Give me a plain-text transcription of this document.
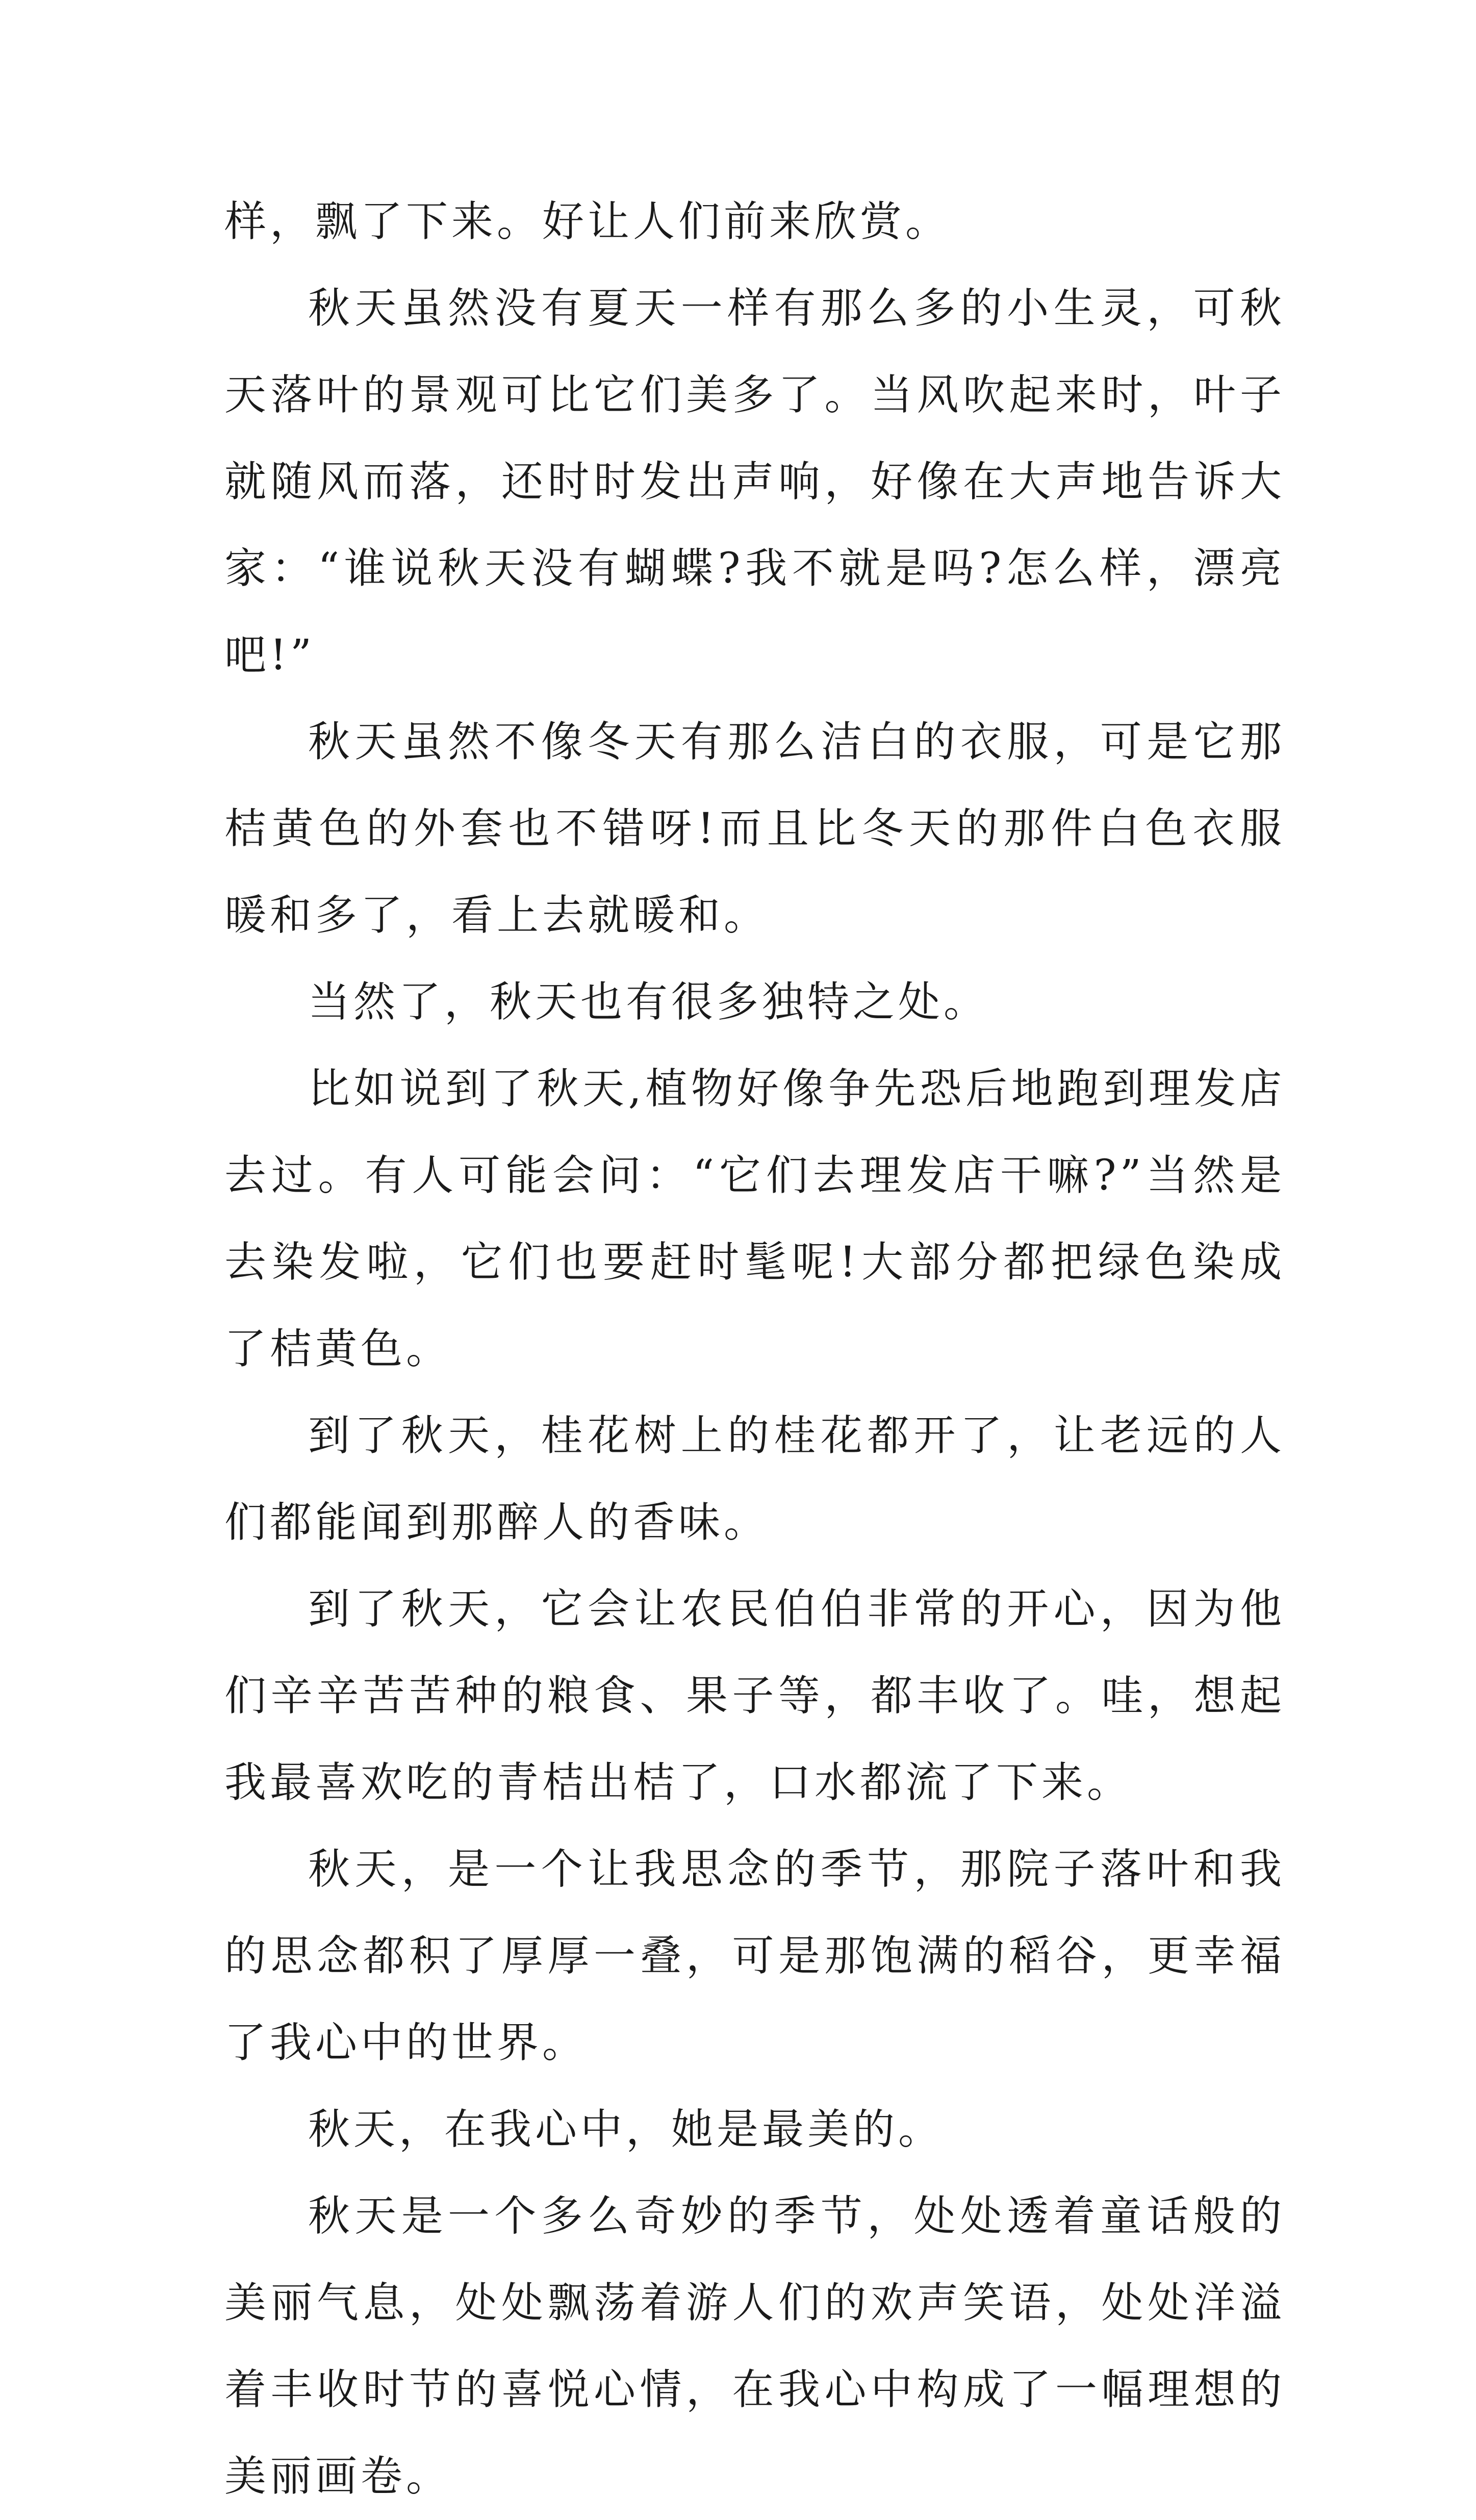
样，飘了下来。好让人们前来欣赏。

秋天虽然没有夏天一样有那么多的小生灵，可秋天落叶的景观可比它们美多了。当风吹起来时，叶子就随风而落，还时时发出声响，好像在大声地告诉大家：“谁说秋天没有蝴蝶?我不就是吗?怎么样，漂亮吧!”

秋天虽然不像冬天有那么洁白的衣服，可是它那桔黄色的外套也不错呀!而且比冬天的那件白色衣服暖和多了，看上去就暖和。

当然了，秋天也有很多独特之处。

比如说到了秋天,植物好像争先恐后地跑到理发店去过。有人可能会问：“它们去理发店干嘛?”当然是去染发啦，它们也要赶时髦呢!大部分都把绿色染成了桔黄色。

到了秋天，桂花树上的桂花都开了，让老远的人们都能闻到那醉人的香味。

到了秋天，它会让农民伯伯非常的开心，因为他们辛辛苦苦种的粮食、果子等，都丰收了。哇，想起我最喜欢吃的青桔出桔了，口水都流了下来。

秋天，是一个让我思念的季节，那院子落叶和我的思念都积了厚厚一叠，可是那饱满的稻谷，更幸福了我心中的世界。

秋天，在我心中，她是最美的。

秋天是一个多么奇妙的季节，处处透着童话般的美丽气息，处处飘荡着游人们的欢声笑语，处处洋溢着丰收时节的喜悦心情，在我心中构成了一幅理想的美丽画卷。
